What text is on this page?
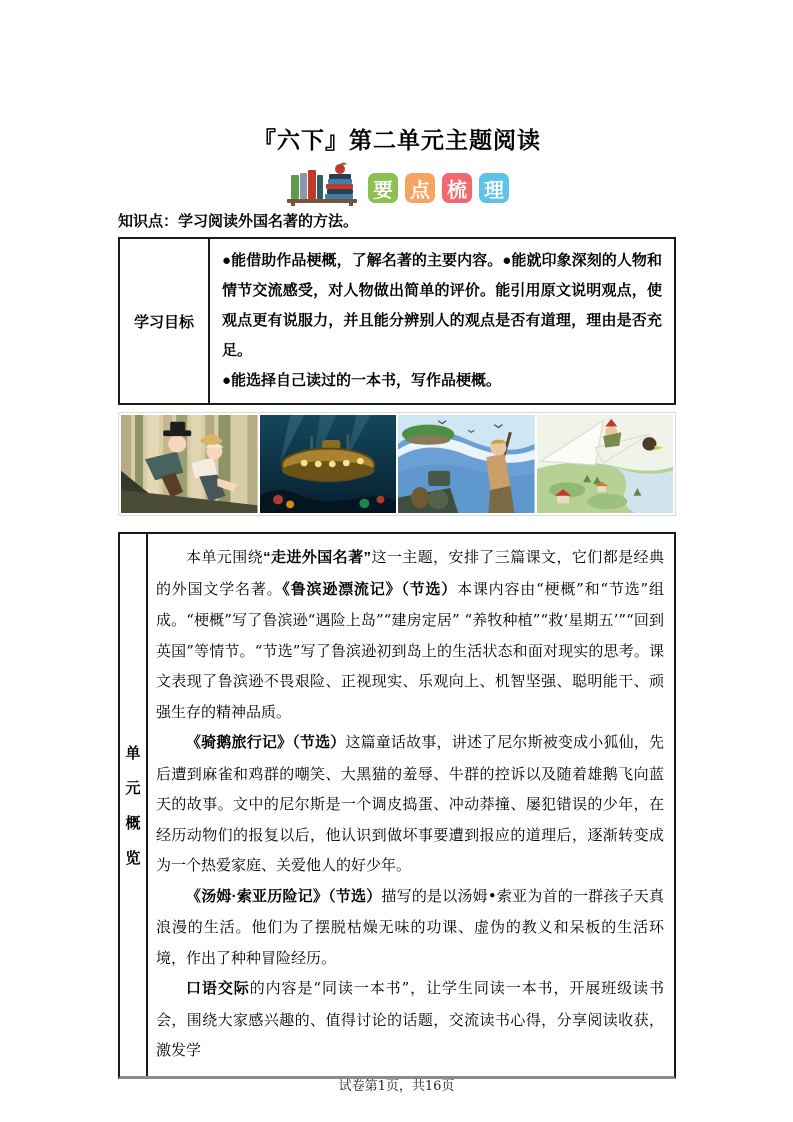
『六下』第二单元主题阅读
要 点 梳 理
知识点：学习阅读外国名著的方法。
学习目标

●能借助作品梗概，了解名著的主要内容。●能就印象深刻的人物和情节交流感受，对人物做出简单的评价。能引用原文说明观点，使观点更有说服力，并且能分辨别人的观点是否有道理，理由是否充足。

●能选择自己读过的一本书，写作品梗概。

单
元
概
览

本单元围绕“走进外国名著”这一主题，安排了三篇课文，它们都是经典的外国文学名著。《鲁滨逊漂流记》（节选）本课内容由“梗概”和“节选”组成。“梗概”写了鲁滨逊“遇险上岛”“建房定居” “养牧种植”“救‘星期五’”“回到英国”等情节。“节选”写了鲁滨逊初到岛上的生活状态和面对现实的思考。课文表现了鲁滨逊不畏艰险、正视现实、乐观向上、机智坚强、聪明能干、顽强生存的精神品质。

《骑鹅旅行记》（节选）这篇童话故事，讲述了尼尔斯被变成小狐仙，先后遭到麻雀和鸡群的嘲笑、大黑猫的羞辱、牛群的控诉以及随着雄鹅飞向蓝天的故事。文中的尼尔斯是一个调皮捣蛋、冲动莽撞、屡犯错误的少年，在经历动物们的报复以后，他认识到做坏事要遭到报应的道理后，逐渐转变成为一个热爱家庭、关爱他人的好少年。

《汤姆·索亚历险记》（节选）描写的是以汤姆•索亚为首的一群孩子天真浪漫的生活。他们为了摆脱枯燥无味的功课、虚伪的教义和呆板的生活环境，作出了种种冒险经历。

口语交际的内容是“同读一本书”，让学生同读一本书，开展班级读书会，围绕大家感兴趣的、值得讨论的话题，交流读书心得，分享阅读收获，激发学

试卷第1页，共16页
